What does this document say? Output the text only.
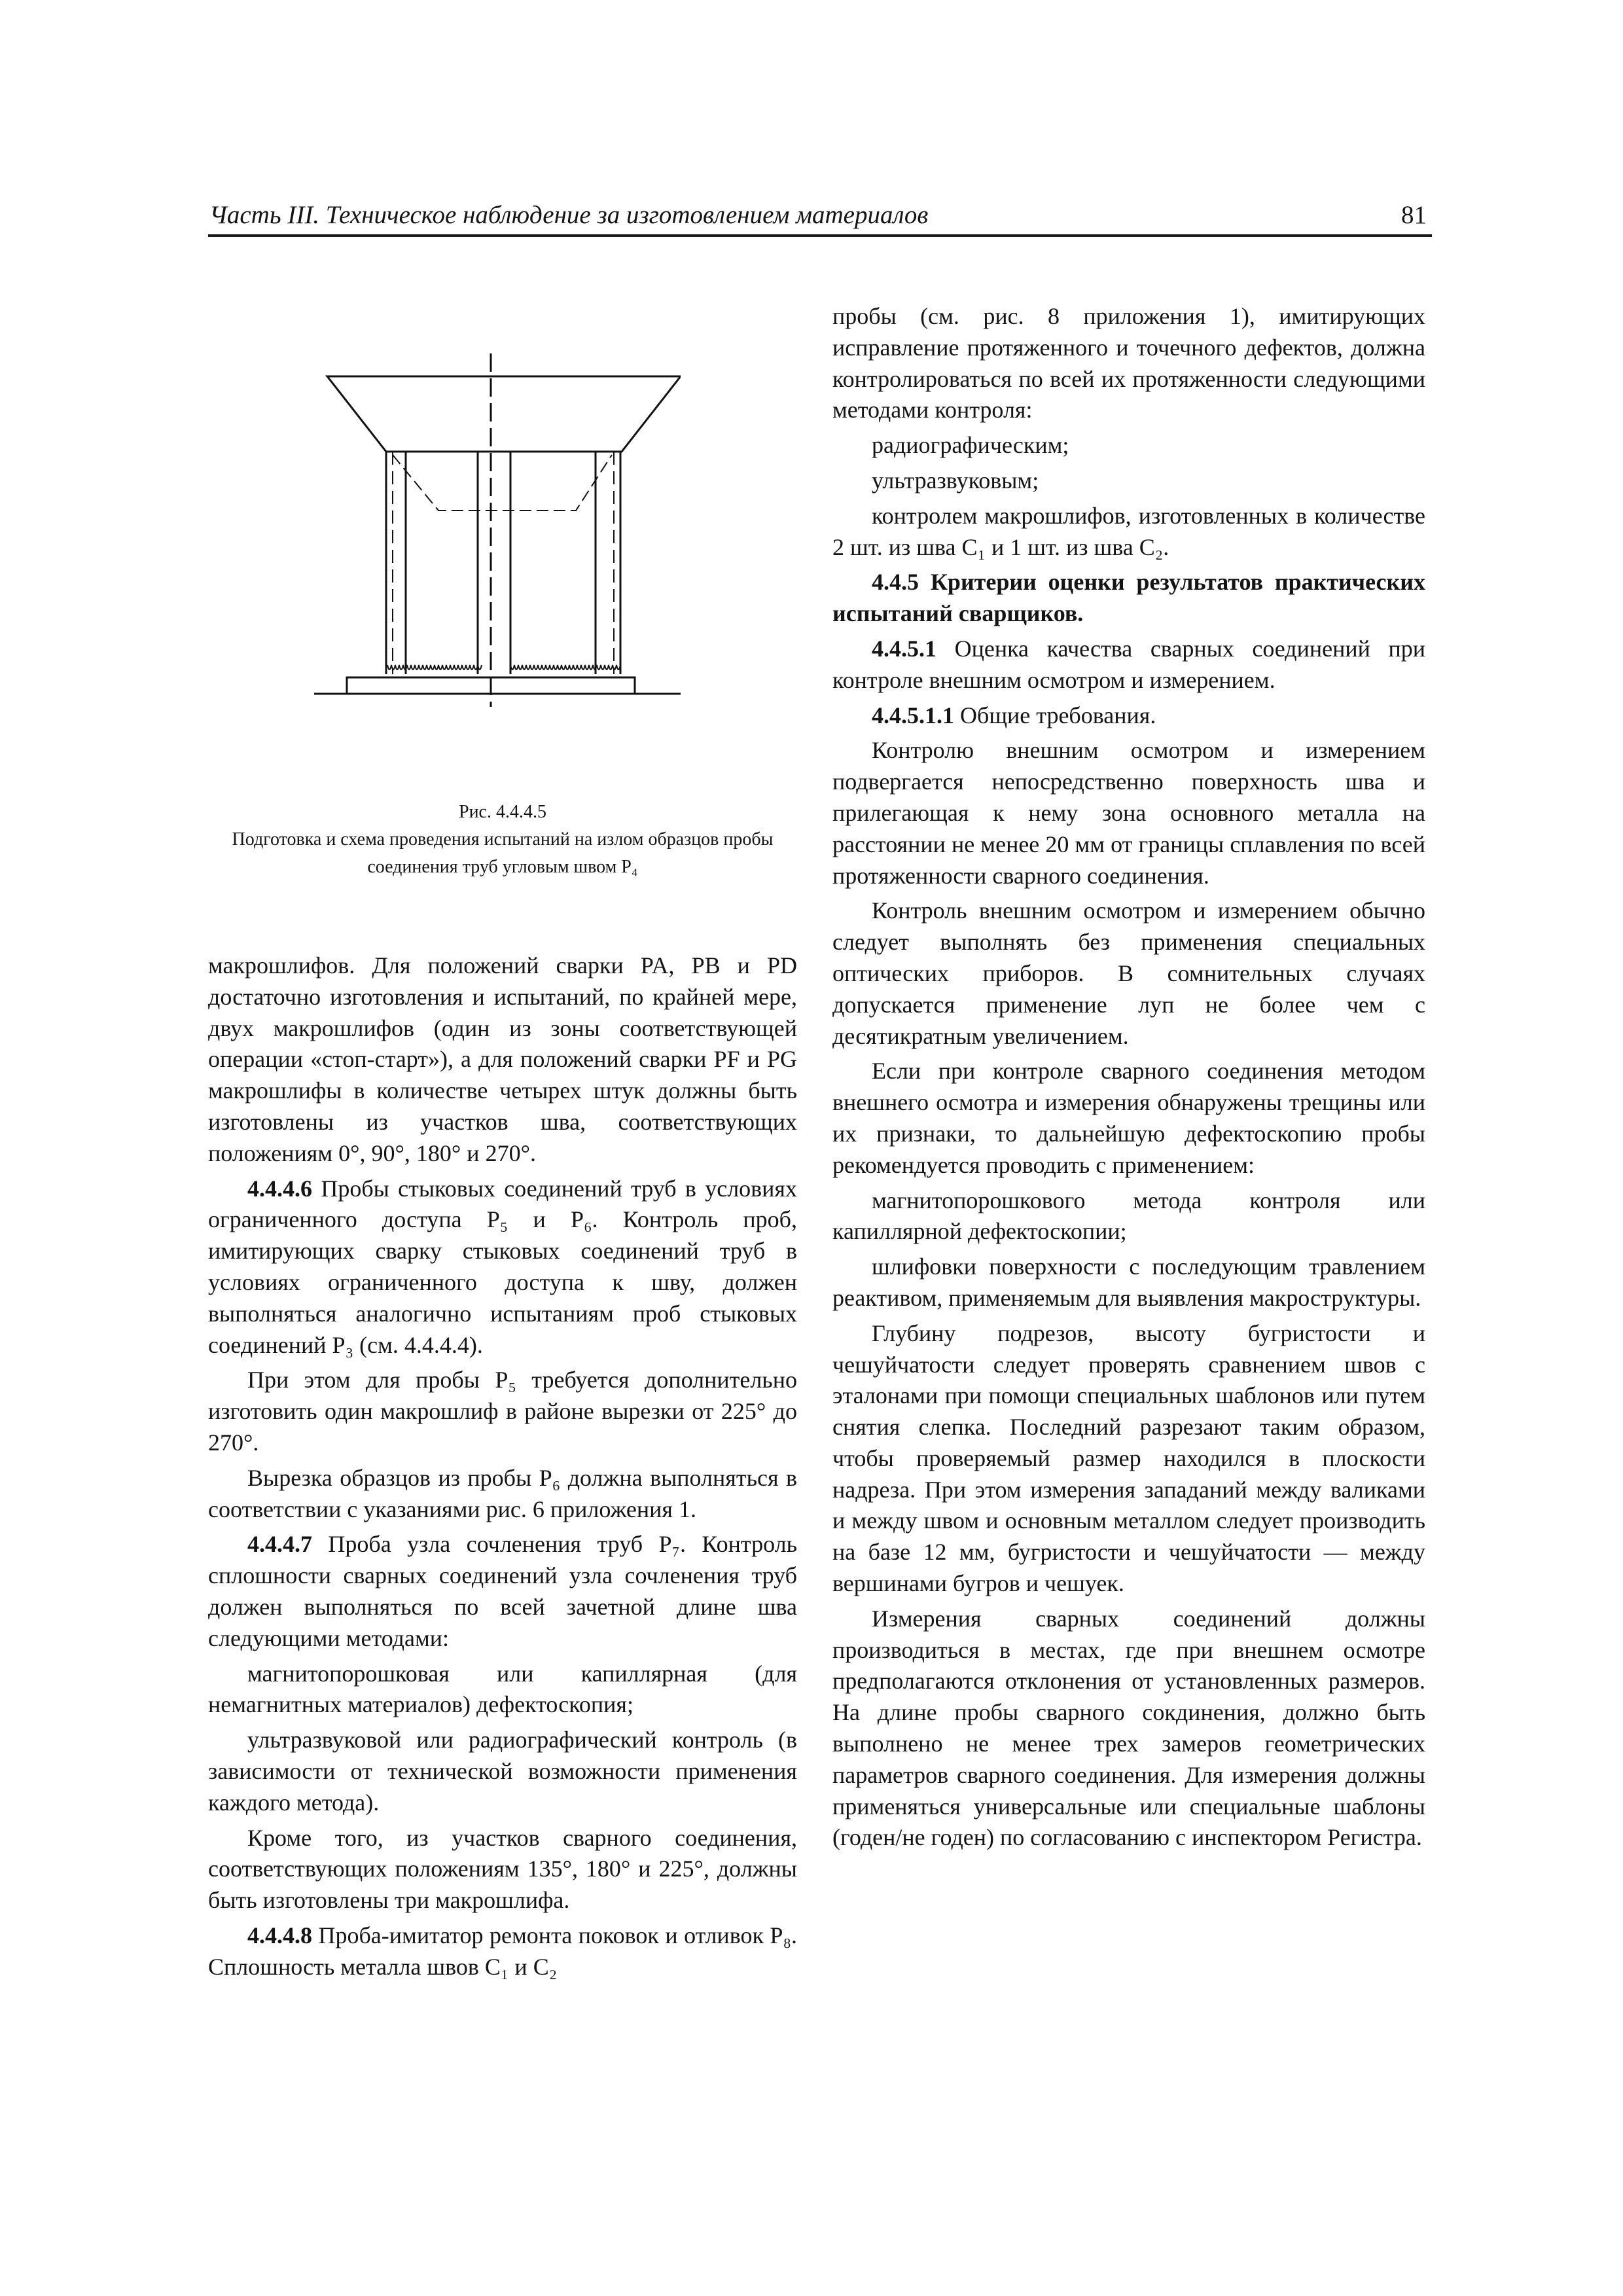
Часть III. Техническое наблюдение за изготовлением материалов	81
Рис. 4.4.4.5
Подготовка и схема проведения испытаний на излом образцов пробы соединения труб угловым швом P₄

макрошлифов. Для положений сварки PA, PB и PD достаточно изготовления и испытаний, по крайней мере, двух макрошлифов (один из зоны соответствующей операции «стоп-старт»), а для положений сварки PF и PG макрошлифы в количестве четырех штук должны быть изготовлены из участков шва, соответствующих положениям 0°, 90°, 180° и 270°.

4.4.4.6 Пробы стыковых соединений труб в условиях ограниченного доступа P₅ и P₆. Контроль проб, имитирующих сварку стыковых соединений труб в условиях ограниченного доступа к шву, должен выполняться аналогично испытаниям проб стыковых соединений P₃ (см. 4.4.4.4).

При этом для пробы P₅ требуется дополнительно изготовить один макрошлиф в районе вырезки от 225° до 270°.

Вырезка образцов из пробы P₆ должна выполняться в соответствии с указаниями рис. 6 приложения 1.

4.4.4.7 Проба узла сочленения труб P₇. Контроль сплошности сварных соединений узла сочленения труб должен выполняться по всей зачетной длине шва следующими методами:

магнитопорошковая или капиллярная (для немагнитных материалов) дефектоскопия;

ультразвуковой или радиографический контроль (в зависимости от технической возможности применения каждого метода).

Кроме того, из участков сварного соединения, соответствующих положениям 135°, 180° и 225°, должны быть изготовлены три макрошлифа.

4.4.4.8 Проба-имитатор ремонта поковок и отливок P₈. Сплошность металла швов C₁ и C₂

пробы (см. рис. 8 приложения 1), имитирующих исправление протяженного и точечного дефектов, должна контролироваться по всей их протяженности следующими методами контроля:

радиографическим;

ультразвуковым;

контролем макрошлифов, изготовленных в количестве 2 шт. из шва C₁ и 1 шт. из шва C₂.

4.4.5 Критерии оценки результатов практических испытаний сварщиков.

4.4.5.1 Оценка качества сварных соединений при контроле внешним осмотром и измерением.

4.4.5.1.1 Общие требования.

Контролю внешним осмотром и измерением подвергается непосредственно поверхность шва и прилегающая к нему зона основного металла на расстоянии не менее 20 мм от границы сплавления по всей протяженности сварного соединения.

Контроль внешним осмотром и измерением обычно следует выполнять без применения специальных оптических приборов. В сомнительных случаях допускается применение луп не более чем с десятикратным увеличением.

Если при контроле сварного соединения методом внешнего осмотра и измерения обнаружены трещины или их признаки, то дальнейшую дефектоскопию пробы рекомендуется проводить с применением:

магнитопорошкового метода контроля или капиллярной дефектоскопии;

шлифовки поверхности с последующим травлением реактивом, применяемым для выявления макроструктуры.

Глубину подрезов, высоту бугристости и чешуйчатости следует проверять сравнением швов с эталонами при помощи специальных шаблонов или путем снятия слепка. Последний разрезают таким образом, чтобы проверяемый размер находился в плоскости надреза. При этом измерения западаний между валиками и между швом и основным металлом следует производить на базе 12 мм, бугристости и чешуйчатости — между вершинами бугров и чешуек.

Измерения сварных соединений должны производиться в местах, где при внешнем осмотре предполагаются отклонения от установленных размеров. На длине пробы сварного сокдинения, должно быть выполнено не менее трех замеров геометрических параметров сварного соединения. Для измерения должны применяться универсальные или специальные шаблоны (годен/не годен) по согласованию с инспектором Регистра.
